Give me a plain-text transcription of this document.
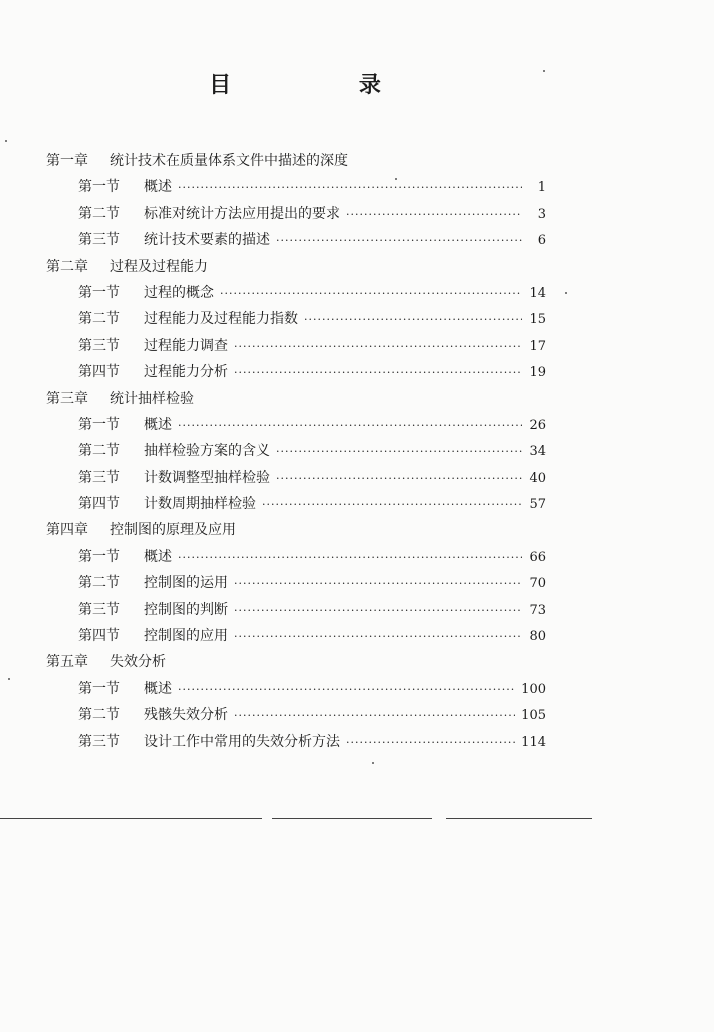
目 录
第一章 统计技术在质量体系文件中描述的深度
第一节	概述 ·····	1
第二节	标准对统计方法应用提出的要求 ·····	3
第三节	统计技术要素的描述 ·····	6
第二章 过程及过程能力
第一节	过程的概念 ·····	14
第二节	过程能力及过程能力指数 ·····	15
第三节	过程能力调查 ·····	17
第四节	过程能力分析 ·····	19
第三章 统计抽样检验
第一节	概述 ·····	26
第二节	抽样检验方案的含义 ·····	34
第三节	计数调整型抽样检验 ·····	40
第四节	计数周期抽样检验 ·····	57
第四章 控制图的原理及应用
第一节	概述 ·····	66
第二节	控制图的运用 ·····	70
第三节	控制图的判断 ·····	73
第四节	控制图的应用 ·····	80
第五章 失效分析
第一节	概述 ·····	100
第二节	残骸失效分析 ·····	105
第三节	设计工作中常用的失效分析方法 ·····	114
